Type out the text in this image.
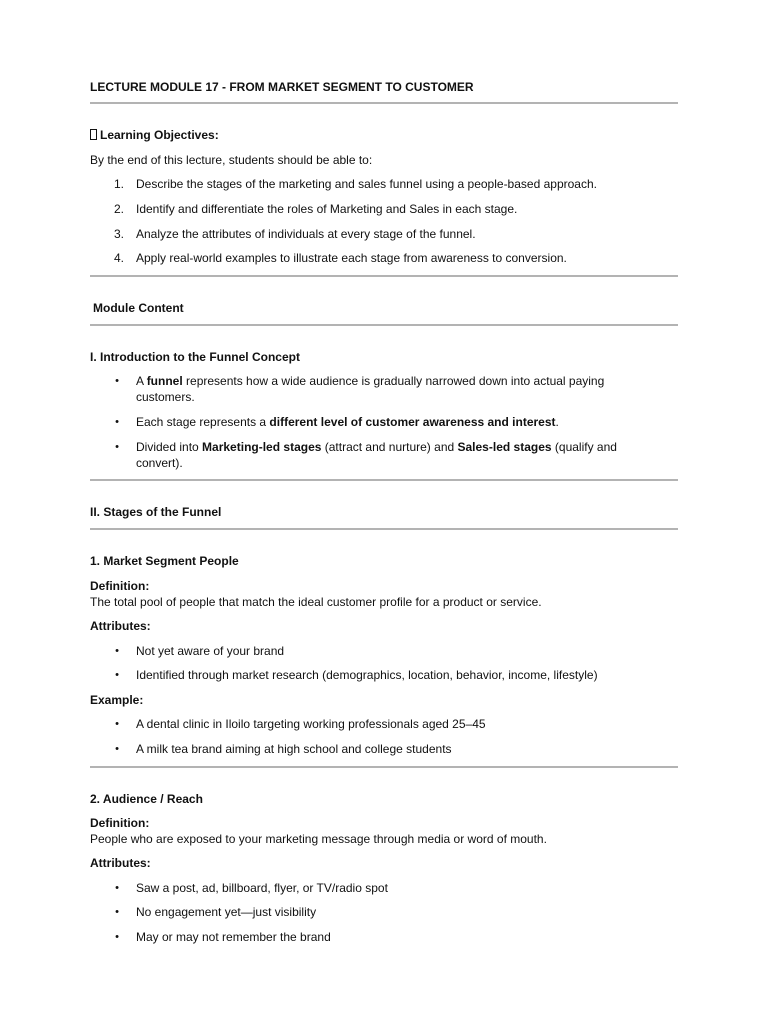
LECTURE MODULE 17 - FROM MARKET SEGMENT TO CUSTOMER
Learning Objectives:
By the end of this lecture, students should be able to:
1. Describe the stages of the marketing and sales funnel using a people-based approach.
2. Identify and differentiate the roles of Marketing and Sales in each stage.
3. Analyze the attributes of individuals at every stage of the funnel.
4. Apply real-world examples to illustrate each stage from awareness to conversion.
Module Content
I. Introduction to the Funnel Concept
• A funnel represents how a wide audience is gradually narrowed down into actual paying
customers.
• Each stage represents a different level of customer awareness and interest.
• Divided into Marketing-led stages (attract and nurture) and Sales-led stages (qualify and
convert).
II. Stages of the Funnel
1. Market Segment People
Definition:
The total pool of people that match the ideal customer profile for a product or service.
Attributes:
• Not yet aware of your brand
• Identified through market research (demographics, location, behavior, income, lifestyle)
Example:
• A dental clinic in Iloilo targeting working professionals aged 25–45
• A milk tea brand aiming at high school and college students
2. Audience / Reach
Definition:
People who are exposed to your marketing message through media or word of mouth.
Attributes:
• Saw a post, ad, billboard, flyer, or TV/radio spot
• No engagement yet—just visibility
• May or may not remember the brand
